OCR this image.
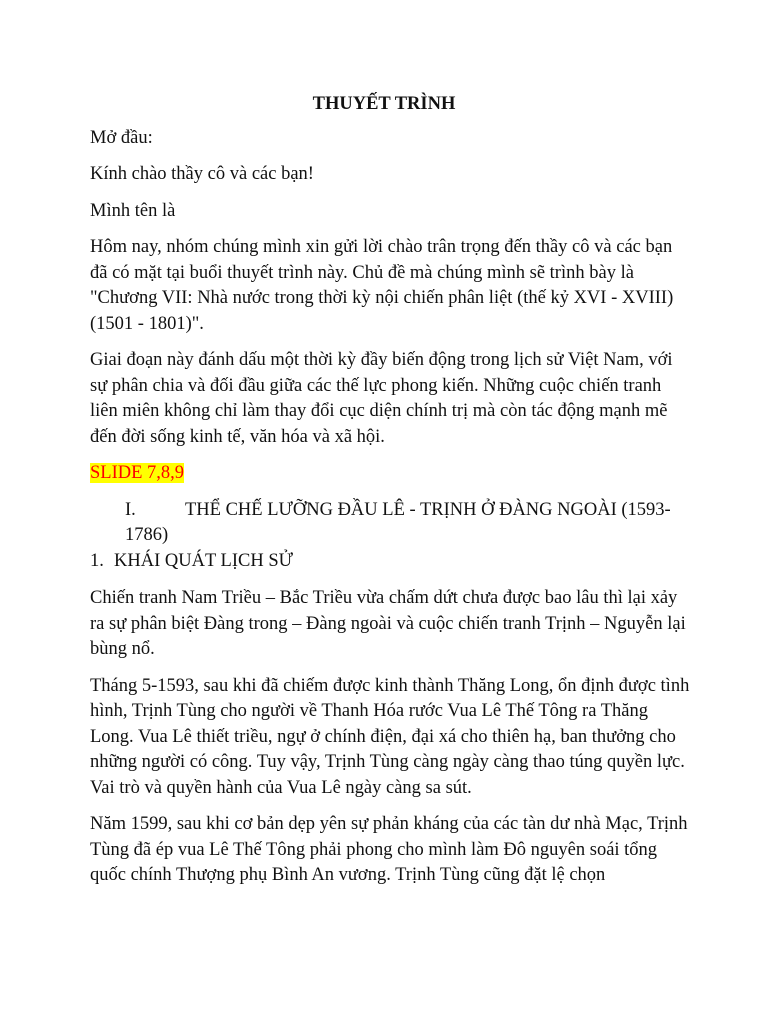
THUYẾT TRÌNH

Mở đầu:

Kính chào thầy cô và các bạn!

Mình tên là

Hôm nay, nhóm chúng mình xin gửi lời chào trân trọng đến thầy cô và các bạn đã có mặt tại buổi thuyết trình này. Chủ đề mà chúng mình sẽ trình bày là "Chương VII: Nhà nước trong thời kỳ nội chiến phân liệt (thế kỷ XVI - XVIII) (1501 - 1801)".

Giai đoạn này đánh dấu một thời kỳ đầy biến động trong lịch sử Việt Nam, với sự phân chia và đối đầu giữa các thế lực phong kiến. Những cuộc chiến tranh liên miên không chỉ làm thay đổi cục diện chính trị mà còn tác động mạnh mẽ đến đời sống kinh tế, văn hóa và xã hội.

SLIDE 7,8,9

I.	THỂ CHẾ LƯỠNG ĐẦU LÊ - TRỊNH Ở ĐÀNG NGOÀI (1593-1786)
1. KHÁI QUÁT LỊCH SỬ

Chiến tranh Nam Triều – Bắc Triều vừa chấm dứt chưa được bao lâu thì lại xảy ra sự phân biệt Đàng trong – Đàng ngoài và cuộc chiến tranh Trịnh – Nguyễn lại bùng nổ.

Tháng 5-1593, sau khi đã chiếm được kinh thành Thăng Long, ổn định được tình hình, Trịnh Tùng cho người về Thanh Hóa rước Vua Lê Thế Tông ra Thăng Long. Vua Lê thiết triều, ngự ở chính điện, đại xá cho thiên hạ, ban thưởng cho những người có công. Tuy vậy, Trịnh Tùng càng ngày càng thao túng quyền lực. Vai trò và quyền hành của Vua Lê ngày càng sa sút.

Năm 1599, sau khi cơ bản dẹp yên sự phản kháng của các tàn dư nhà Mạc, Trịnh Tùng đã ép vua Lê Thế Tông phải phong cho mình làm Đô nguyên soái tổng quốc chính Thượng phụ Bình An vương. Trịnh Tùng cũng đặt lệ chọn
